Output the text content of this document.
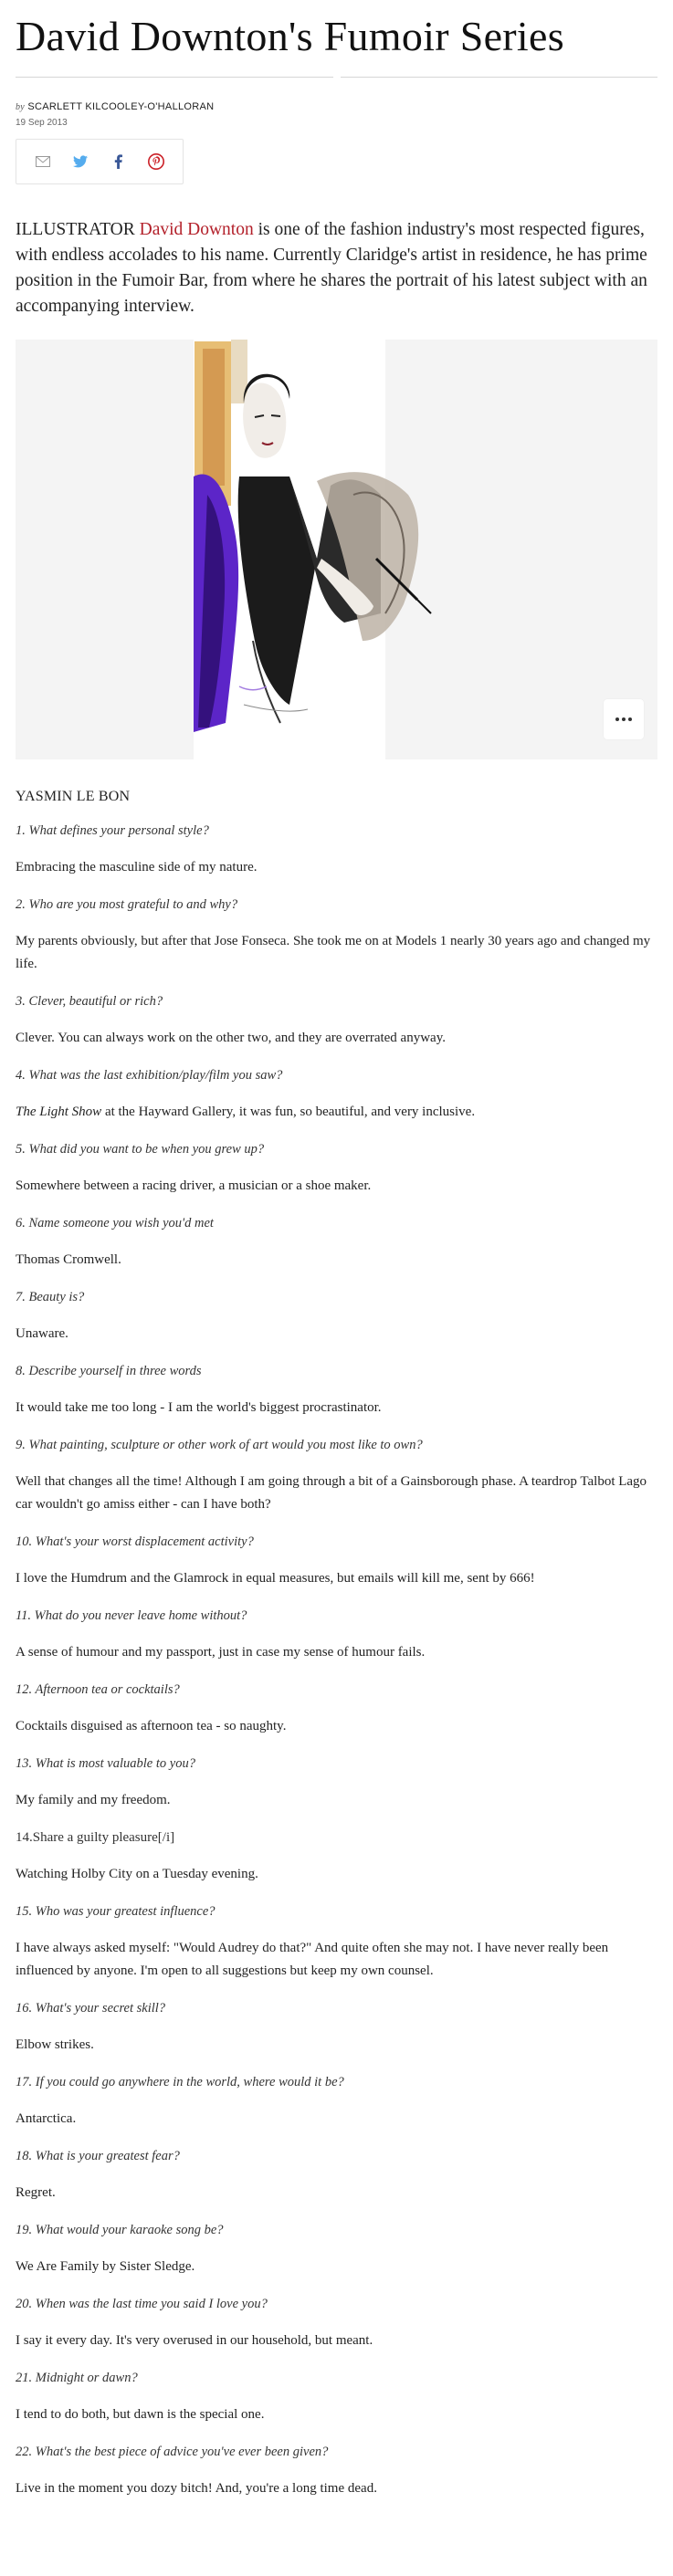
David Downton's Fumoir Series
by SCARLETT KILCOOLEY-O'HALLORAN
19 Sep 2013

ILLUSTRATOR David Downton is one of the fashion industry's most respected figures, with endless accolades to his name. Currently Claridge's artist in residence, he has prime position in the Fumoir Bar, from where he shares the portrait of his latest subject with an accompanying interview.

YASMIN LE BON

1. What defines your personal style?

Embracing the masculine side of my nature.

2. Who are you most grateful to and why?

My parents obviously, but after that Jose Fonseca. She took me on at Models 1 nearly 30 years ago and changed my life.

3. Clever, beautiful or rich?

Clever. You can always work on the other two, and they are overrated anyway.

4. What was the last exhibition/play/film you saw?

The Light Show at the Hayward Gallery, it was fun, so beautiful, and very inclusive.

5. What did you want to be when you grew up?

Somewhere between a racing driver, a musician or a shoe maker.

6. Name someone you wish you'd met

Thomas Cromwell.

7. Beauty is?

Unaware.

8. Describe yourself in three words

It would take me too long - I am the world's biggest procrastinator.

9. What painting, sculpture or other work of art would you most like to own?

Well that changes all the time! Although I am going through a bit of a Gainsborough phase. A teardrop Talbot Lago car wouldn't go amiss either - can I have both?

10. What's your worst displacement activity?

I love the Humdrum and the Glamrock in equal measures, but emails will kill me, sent by 666!

11. What do you never leave home without?

A sense of humour and my passport, just in case my sense of humour fails.

12. Afternoon tea or cocktails?

Cocktails disguised as afternoon tea - so naughty.

13. What is most valuable to you?

My family and my freedom.

14.Share a guilty pleasure[/i]

Watching Holby City on a Tuesday evening.

15. Who was your greatest influence?

I have always asked myself: "Would Audrey do that?" And quite often she may not. I have never really been influenced by anyone. I'm open to all suggestions but keep my own counsel.

16. What's your secret skill?

Elbow strikes.

17. If you could go anywhere in the world, where would it be?

Antarctica.

18. What is your greatest fear?

Regret.

19. What would your karaoke song be?

We Are Family by Sister Sledge.

20. When was the last time you said I love you?

I say it every day. It's very overused in our household, but meant.

21. Midnight or dawn?

I tend to do both, but dawn is the special one.

22. What's the best piece of advice you've ever been given?

Live in the moment you dozy bitch! And, you're a long time dead.
